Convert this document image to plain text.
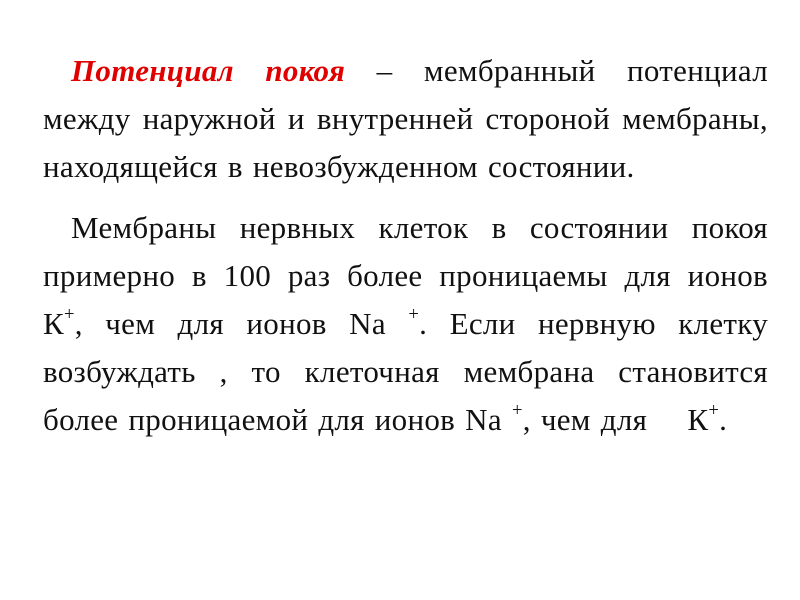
Потенциал покоя – мембранный потенциал между наружной и внутренней стороной мембраны, находящейся в невозбужденном состоянии.

Мембраны нервных клеток в состоянии покоя примерно в 100 раз более проницаемы для ионов К+, чем для ионов Na +. Если нервную клетку возбуждать , то клеточная мембрана становится более проницаемой для ионов Na +, чем для    К+.
